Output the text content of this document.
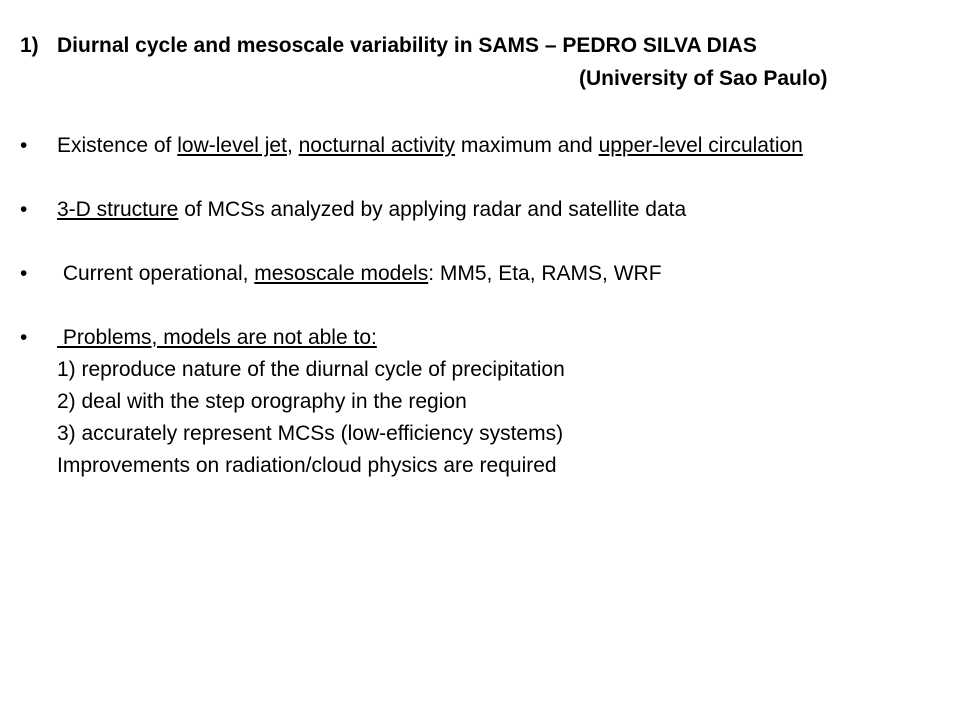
1) Diurnal cycle and mesoscale variability in SAMS – PEDRO SILVA DIAS
(University of Sao Paulo)
• Existence of low-level jet, nocturnal activity maximum and upper-level circulation
• 3-D structure of MCSs analyzed by applying radar and satellite data
• Current operational, mesoscale models: MM5, Eta, RAMS, WRF
• Problems, models are not able to:
1) reproduce nature of the diurnal cycle of precipitation
2) deal with the step orography in the region
3) accurately represent MCSs (low-efficiency systems)
Improvements on radiation/cloud physics are required
